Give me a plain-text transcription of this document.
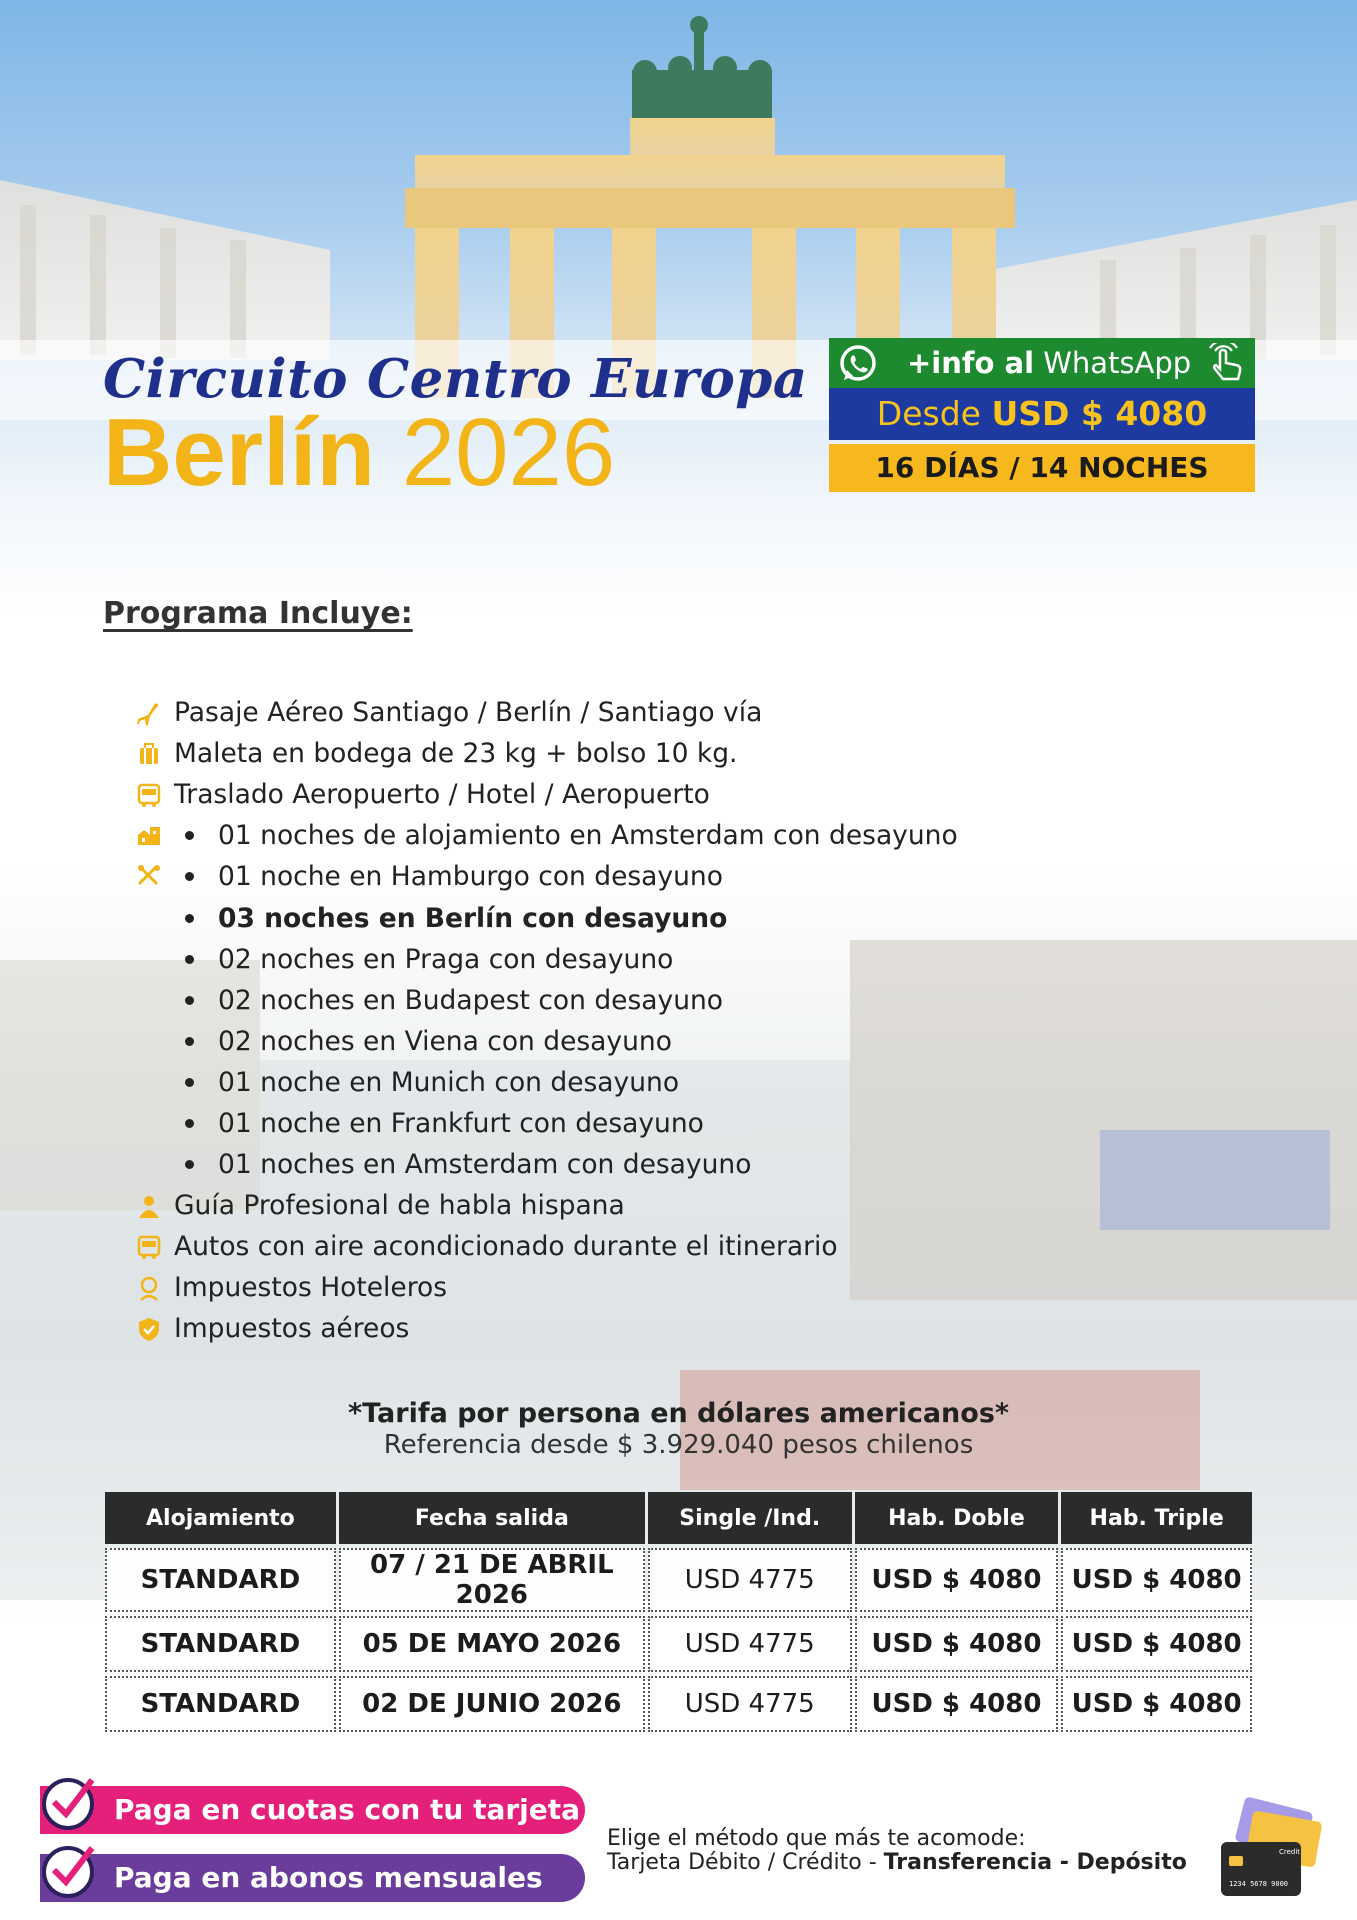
Circuito Centro Europa
Berlín 2026
+info al WhatsApp
Desde USD $ 4080
16 DÍAS / 14 NOCHES
Programa Incluye:
Pasaje Aéreo Santiago / Berlín / Santiago vía
Maleta en bodega de 23 kg + bolso 10 kg.
Traslado Aeropuerto / Hotel / Aeropuerto
01 noches de alojamiento en Amsterdam con desayuno
01 noche en Hamburgo con desayuno
03 noches en Berlín con desayuno
02 noches en Praga con desayuno
02 noches en Budapest con desayuno
02 noches en Viena con desayuno
01 noche en Munich con desayuno
01 noche en Frankfurt con desayuno
01 noches en Amsterdam con desayuno
Guía Profesional de habla hispana
Autos con aire acondicionado durante el itinerario
Impuestos Hoteleros
Impuestos aéreos
*Tarifa por persona en dólares americanos*
Referencia desde $ 3.929.040 pesos chilenos
Alojamiento	Fecha salida	Single /Ind.	Hab. Doble	Hab. Triple
STANDARD	07 / 21 DE ABRIL 2026	USD 4775	USD $ 4080	USD $ 4080
STANDARD	05 DE MAYO 2026	USD 4775	USD $ 4080	USD $ 4080
STANDARD	02 DE JUNIO 2026	USD 4775	USD $ 4080	USD $ 4080
Paga en cuotas con tu tarjeta
Paga en abonos mensuales
Elige el método que más te acomode:
Tarjeta Débito / Crédito - Transferencia - Depósito	Credit
1234 5678 9000
